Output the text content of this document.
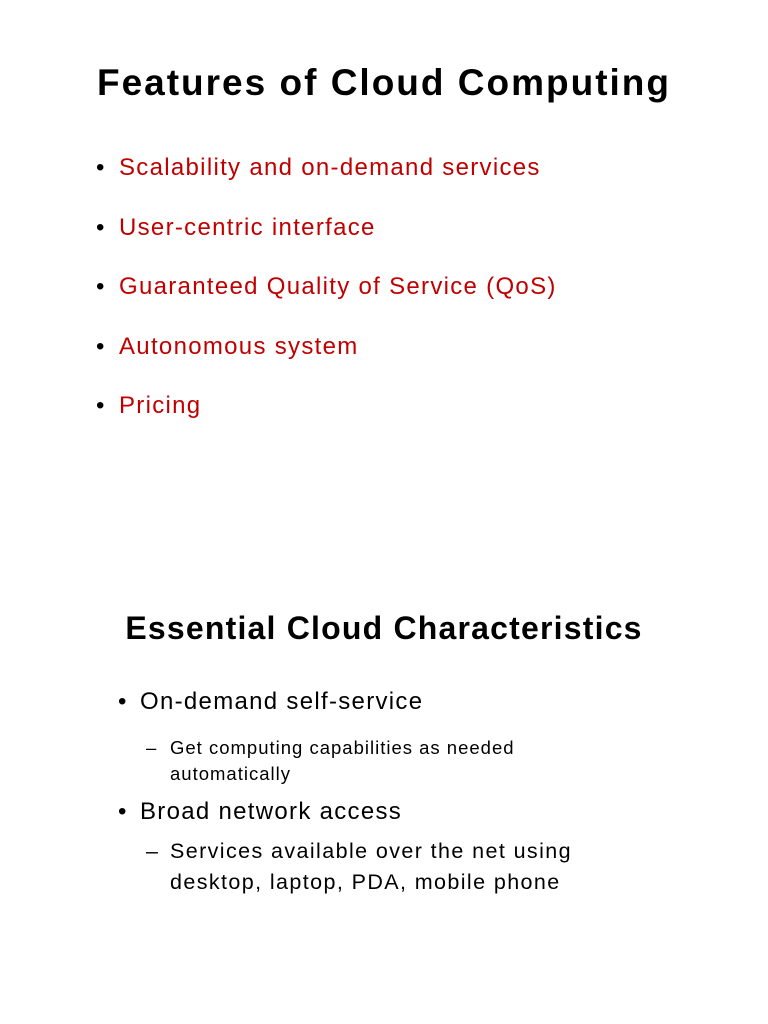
Features of Cloud Computing
• Scalability and on-demand services
• User-centric interface
• Guaranteed Quality of Service (QoS)
• Autonomous system
• Pricing
Essential Cloud Characteristics
• On-demand self-service
– Get computing capabilities as needed
automatically
• Broad network access
– Services available over the net using
desktop, laptop, PDA, mobile phone
